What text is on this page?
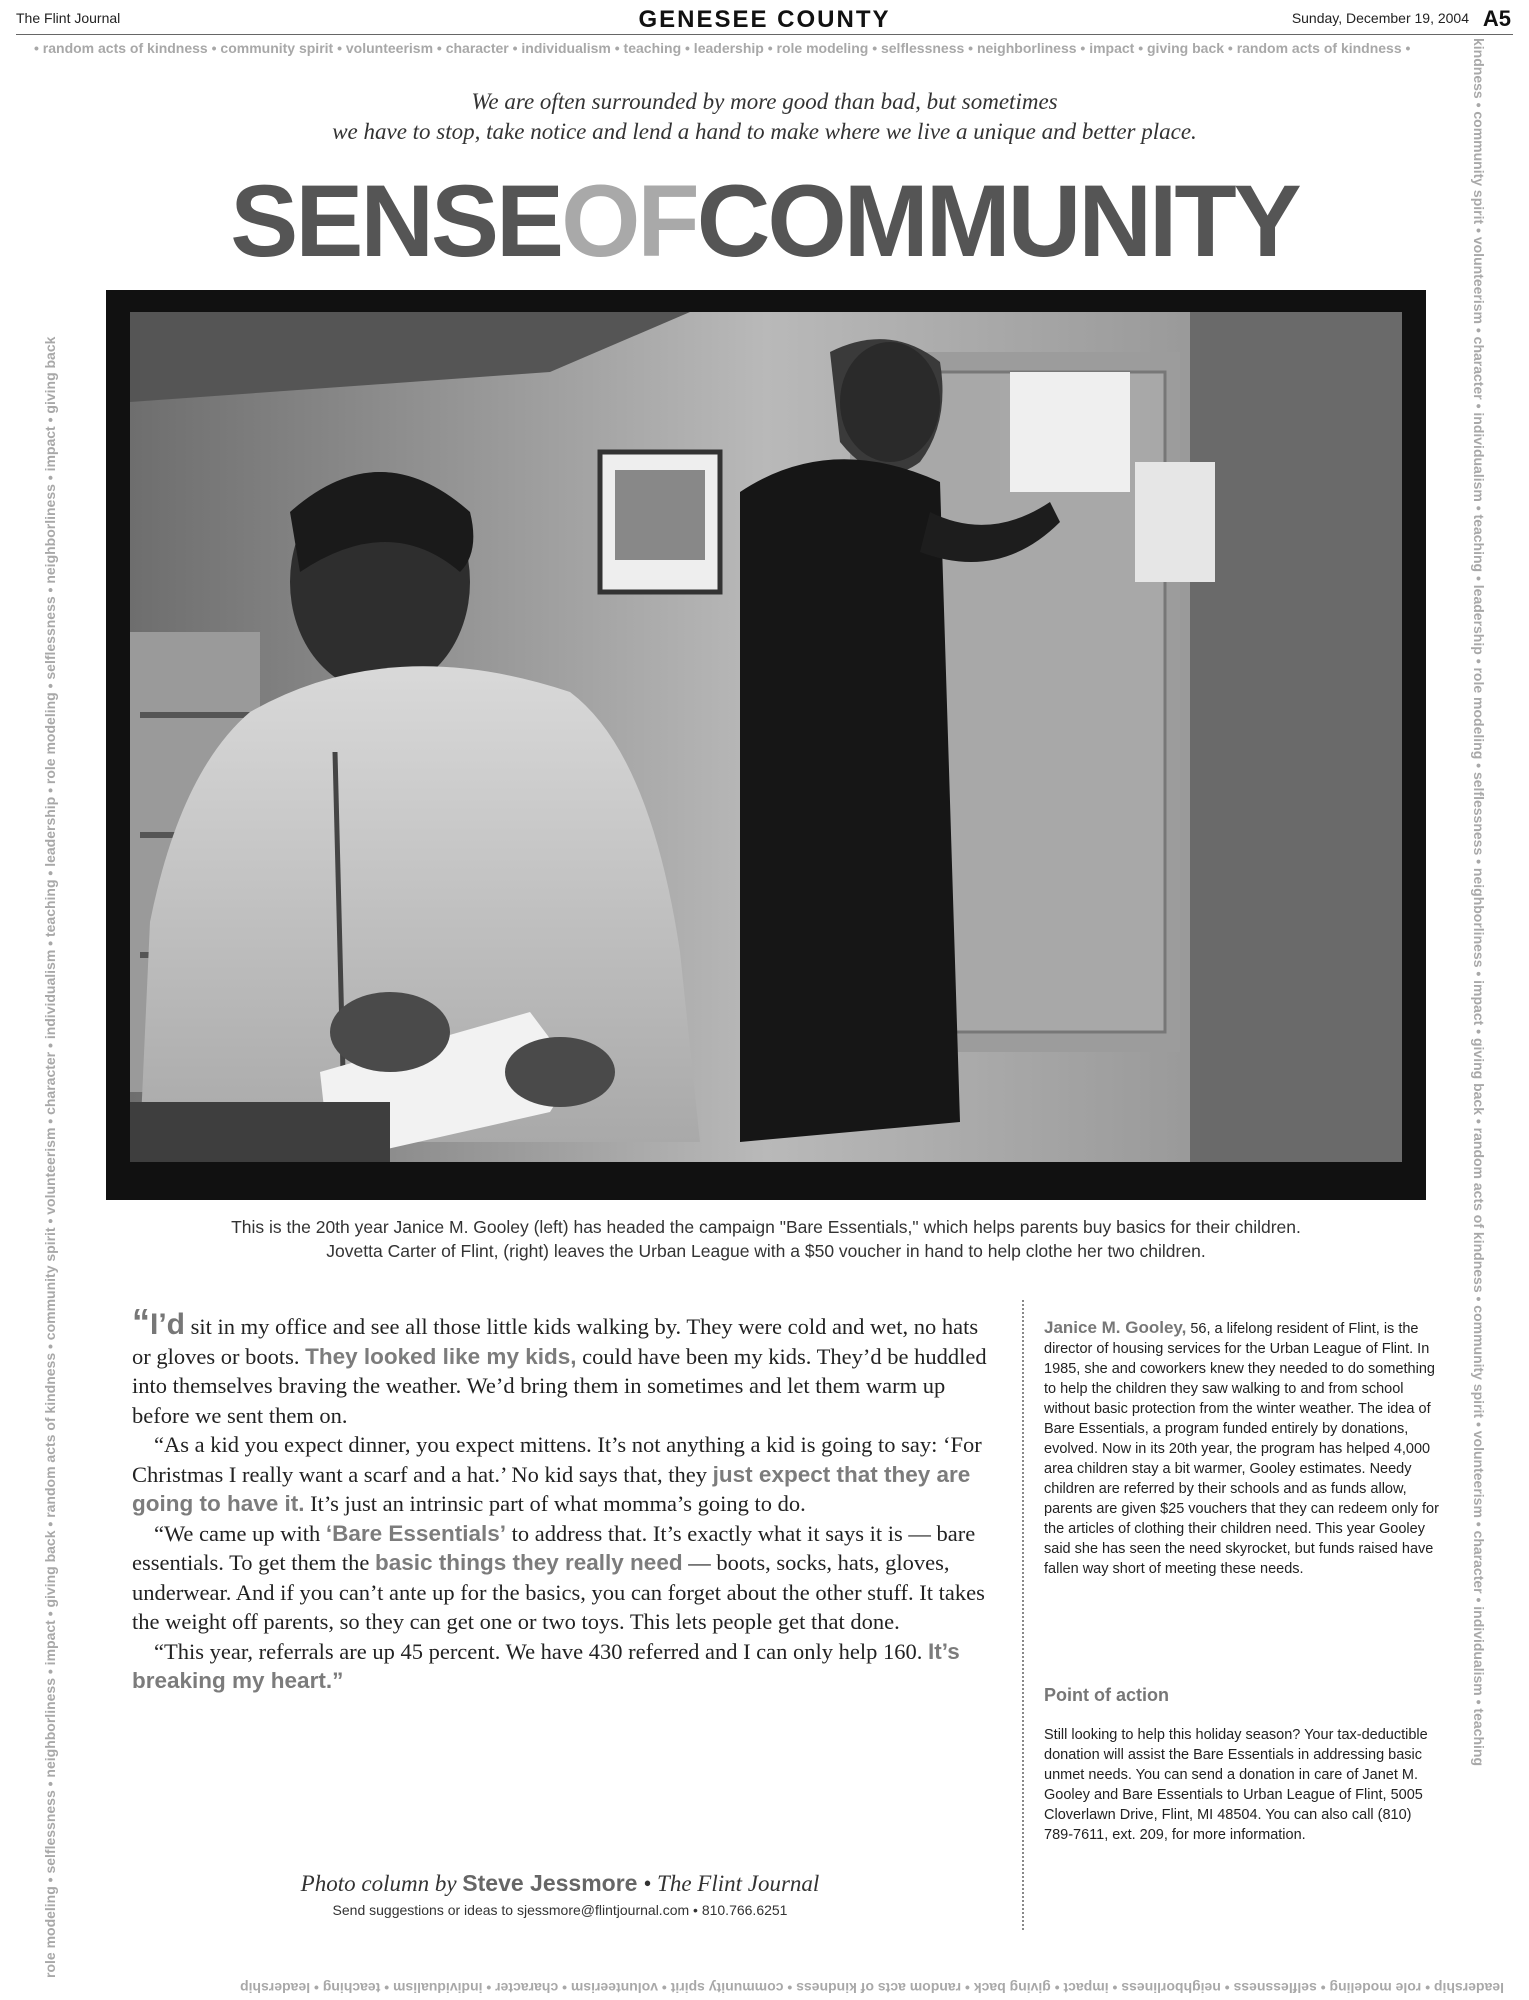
The Flint Journal	GENESEE COUNTY	Sunday, December 19, 2004 A5
• random acts of kindness • community spirit • volunteerism • character • individualism • teaching • leadership • role modeling • selflessness • neighborliness • impact • giving back • random acts of kindness •
leadership • role modeling • selflessness • neighborliness • impact • giving back • random acts of kindness • community spirit • volunteerism • character • individualism • teaching • leadership
role modeling • selflessness • neighborliness • impact • giving back • random acts of kindness • community spirit • volunteerism • character • individualism • teaching • leadership • role modeling • selflessness • neighborliness • impact • giving back	kindness • community spirit • volunteerism • character • individualism • teaching • leadership • role modeling • selflessness • neighborliness • impact • giving back • random acts of kindness • community spirit • volunteerism • character • individualism • teaching
We are often surrounded by more good than bad, but sometimes
we have to stop, take notice and lend a hand to make where we live a unique and better place.
SENSEOFCOMMUNITY
This is the 20th year Janice M. Gooley (left) has headed the campaign "Bare Essentials," which helps parents buy basics for their children.
Jovetta Carter of Flint, (right) leaves the Urban League with a $50 voucher in hand to help clothe her two children.

“I’d sit in my office and see all those little kids walking by. They were cold and wet, no hats or gloves or boots. They looked like my kids, could have been my kids. They’d be huddled into themselves braving the weather. We’d bring them in sometimes and let them warm up before we sent them on.

“As a kid you expect dinner, you expect mittens. It’s not anything a kid is going to say: ‘For Christmas I really want a scarf and a hat.’ No kid says that, they just expect that they are going to have it. It’s just an intrinsic part of what momma’s going to do.

“We came up with ‘Bare Essentials’ to address that. It’s exactly what it says it is — bare essentials. To get them the basic things they really need — boots, socks, hats, gloves, underwear. And if you can’t ante up for the basics, you can forget about the other stuff. It takes the weight off parents, so they can get one or two toys. This lets people get that done.

“This year, referrals are up 45 percent. We have 430 referred and I can only help 160. It’s breaking my heart.”

Photo column by Steve Jessmore • The Flint Journal
Send suggestions or ideas to sjessmore@flintjournal.com • 810.766.6251
Janice M. Gooley, 56, a lifelong resident of Flint, is the director of housing services for the Urban League of Flint. In 1985, she and coworkers knew they needed to do something to help the children they saw walking to and from school without basic protection from the winter weather. The idea of Bare Essentials, a program funded entirely by donations, evolved. Now in its 20th year, the program has helped 4,000 area children stay a bit warmer, Gooley estimates. Needy children are referred by their schools and as funds allow, parents are given $25 vouchers that they can redeem only for the articles of clothing their children need. This year Gooley said she has seen the need skyrocket, but funds raised have fallen way short of meeting these needs.
Point of action
Still looking to help this holiday season? Your tax-deductible donation will assist the Bare Essentials in addressing basic unmet needs. You can send a donation in care of Janet M. Gooley and Bare Essentials to Urban League of Flint, 5005 Cloverlawn Drive, Flint, MI 48504. You can also call (810) 789-7611, ext. 209, for more information.
